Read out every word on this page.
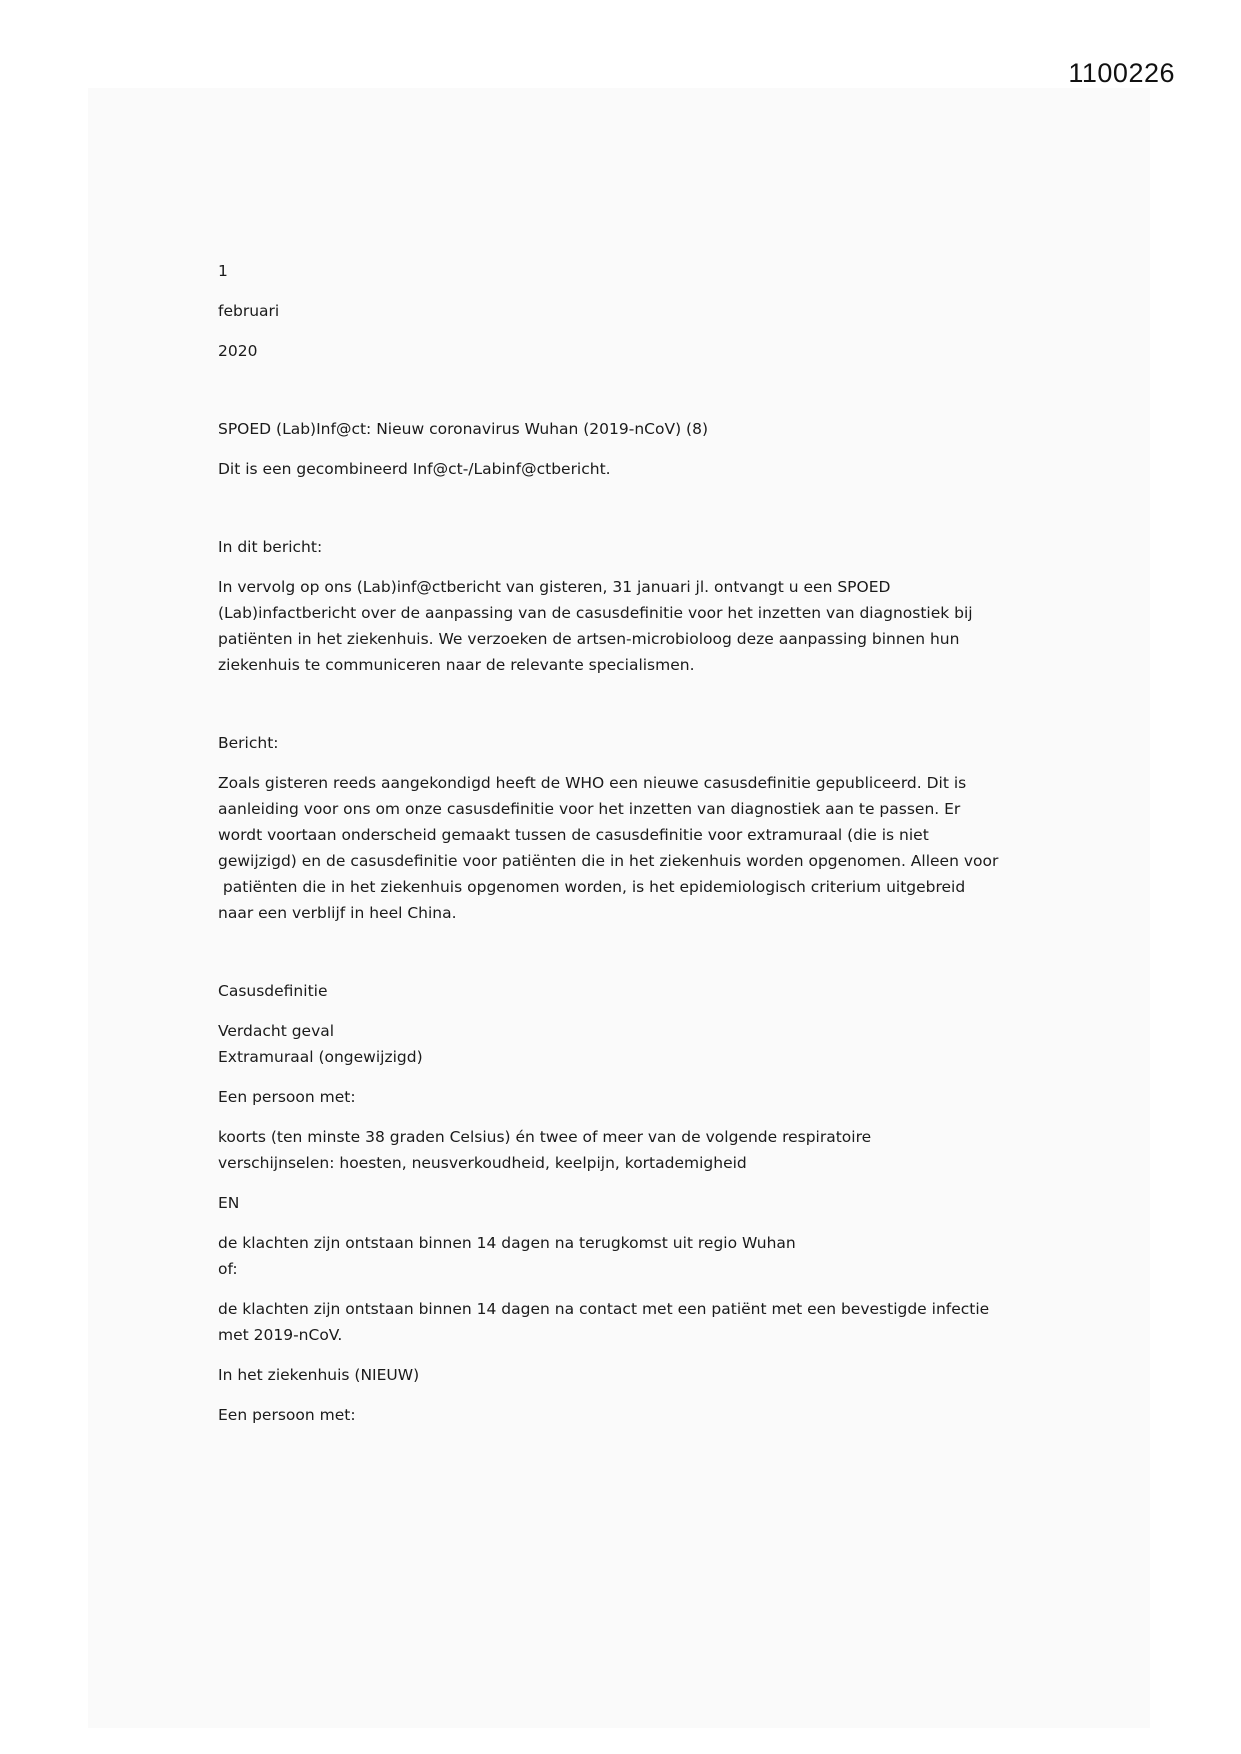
1100226

1

februari

2020

SPOED (Lab)Inf@ct: Nieuw coronavirus Wuhan (2019-nCoV) (8)

Dit is een gecombineerd Inf@ct-/Labinf@ctbericht.

In dit bericht:

In vervolg op ons (Lab)inf@ctbericht van gisteren, 31 januari jl. ontvangt u een SPOED

(Lab)infactbericht over de aanpassing van de casusdefinitie voor het inzetten van diagnostiek bij

patiënten in het ziekenhuis. We verzoeken de artsen-microbioloog deze aanpassing binnen hun

ziekenhuis te communiceren naar de relevante specialismen.

Bericht:

Zoals gisteren reeds aangekondigd heeft de WHO een nieuwe casusdefinitie gepubliceerd. Dit is

aanleiding voor ons om onze casusdefinitie voor het inzetten van diagnostiek aan te passen. Er

wordt voortaan onderscheid gemaakt tussen de casusdefinitie voor extramuraal (die is niet

gewijzigd) en de casusdefinitie voor patiënten die in het ziekenhuis worden opgenomen. Alleen voor

patiënten die in het ziekenhuis opgenomen worden, is het epidemiologisch criterium uitgebreid

naar een verblijf in heel China.

Casusdefinitie

Verdacht geval

Extramuraal (ongewijzigd)

Een persoon met:

koorts (ten minste 38 graden Celsius) én twee of meer van de volgende respiratoire

verschijnselen: hoesten, neusverkoudheid, keelpijn, kortademigheid

EN

de klachten zijn ontstaan binnen 14 dagen na terugkomst uit regio Wuhan

of:

de klachten zijn ontstaan binnen 14 dagen na contact met een patiënt met een bevestigde infectie

met 2019-nCoV.

In het ziekenhuis (NIEUW)

Een persoon met:
